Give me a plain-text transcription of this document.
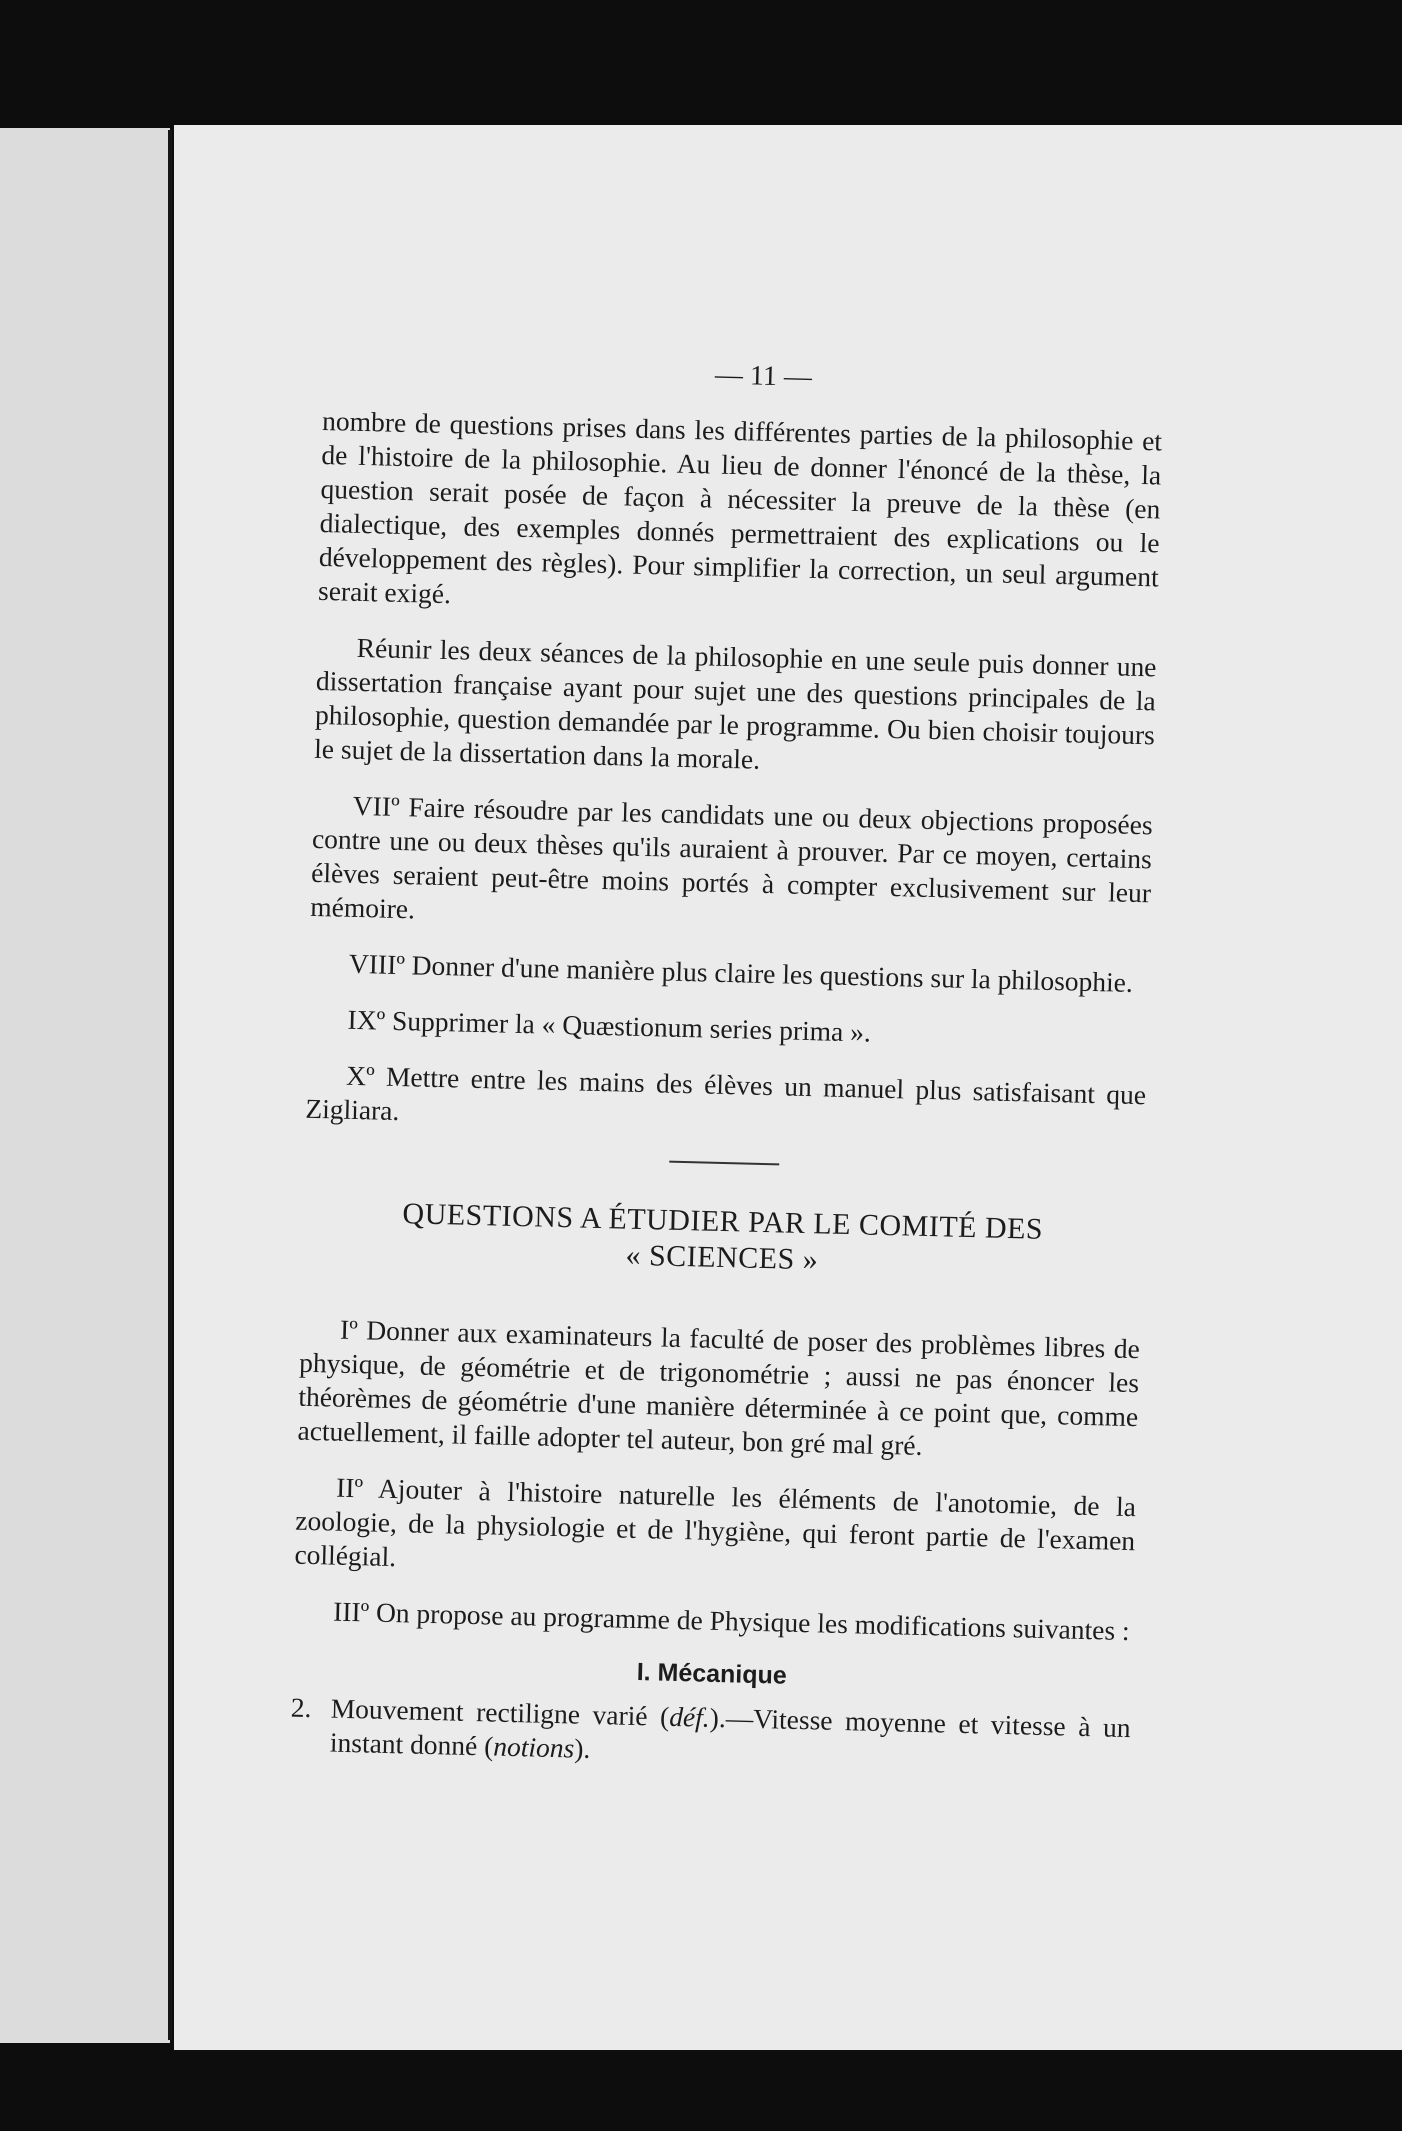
— 11 —

nombre de questions prises dans les différentes parties de la philosophie et de l'histoire de la philosophie. Au lieu de donner l'énoncé de la thèse, la question serait posée de façon à nécessiter la preuve de la thèse (en dialectique, des exemples donnés permettraient des explications ou le développement des règles). Pour simplifier la correction, un seul argument serait exigé.

Réunir les deux séances de la philosophie en une seule puis donner une dissertation française ayant pour sujet une des questions principales de la philosophie, question demandée par le programme. Ou bien choisir toujours le sujet de la dissertation dans la morale.

VIIº Faire résoudre par les candidats une ou deux objections proposées contre une ou deux thèses qu'ils auraient à prouver. Par ce moyen, certains élèves seraient peut-être moins portés à compter exclusivement sur leur mémoire.

VIIIº Donner d'une manière plus claire les questions sur la philosophie.

IXº Supprimer la « Quæstionum series prima ».

Xº Mettre entre les mains des élèves un manuel plus satisfaisant que Zigliara.

QUESTIONS A ÉTUDIER PAR LE COMITÉ DES
« SCIENCES »

Iº Donner aux examinateurs la faculté de poser des problèmes libres de physique, de géométrie et de trigonométrie ; aussi ne pas énoncer les théorèmes de géométrie d'une manière déterminée à ce point que, comme actuellement, il faille adopter tel auteur, bon gré mal gré.

IIº Ajouter à l'histoire naturelle les éléments de l'anotomie, de la zoologie, de la physiologie et de l'hygiène, qui feront partie de l'examen collégial.

IIIº On propose au programme de Physique les modifications suivantes :

I. Mécanique
2. Mouvement rectiligne varié (déf.).—Vitesse moyenne et vitesse à un instant donné (notions).
